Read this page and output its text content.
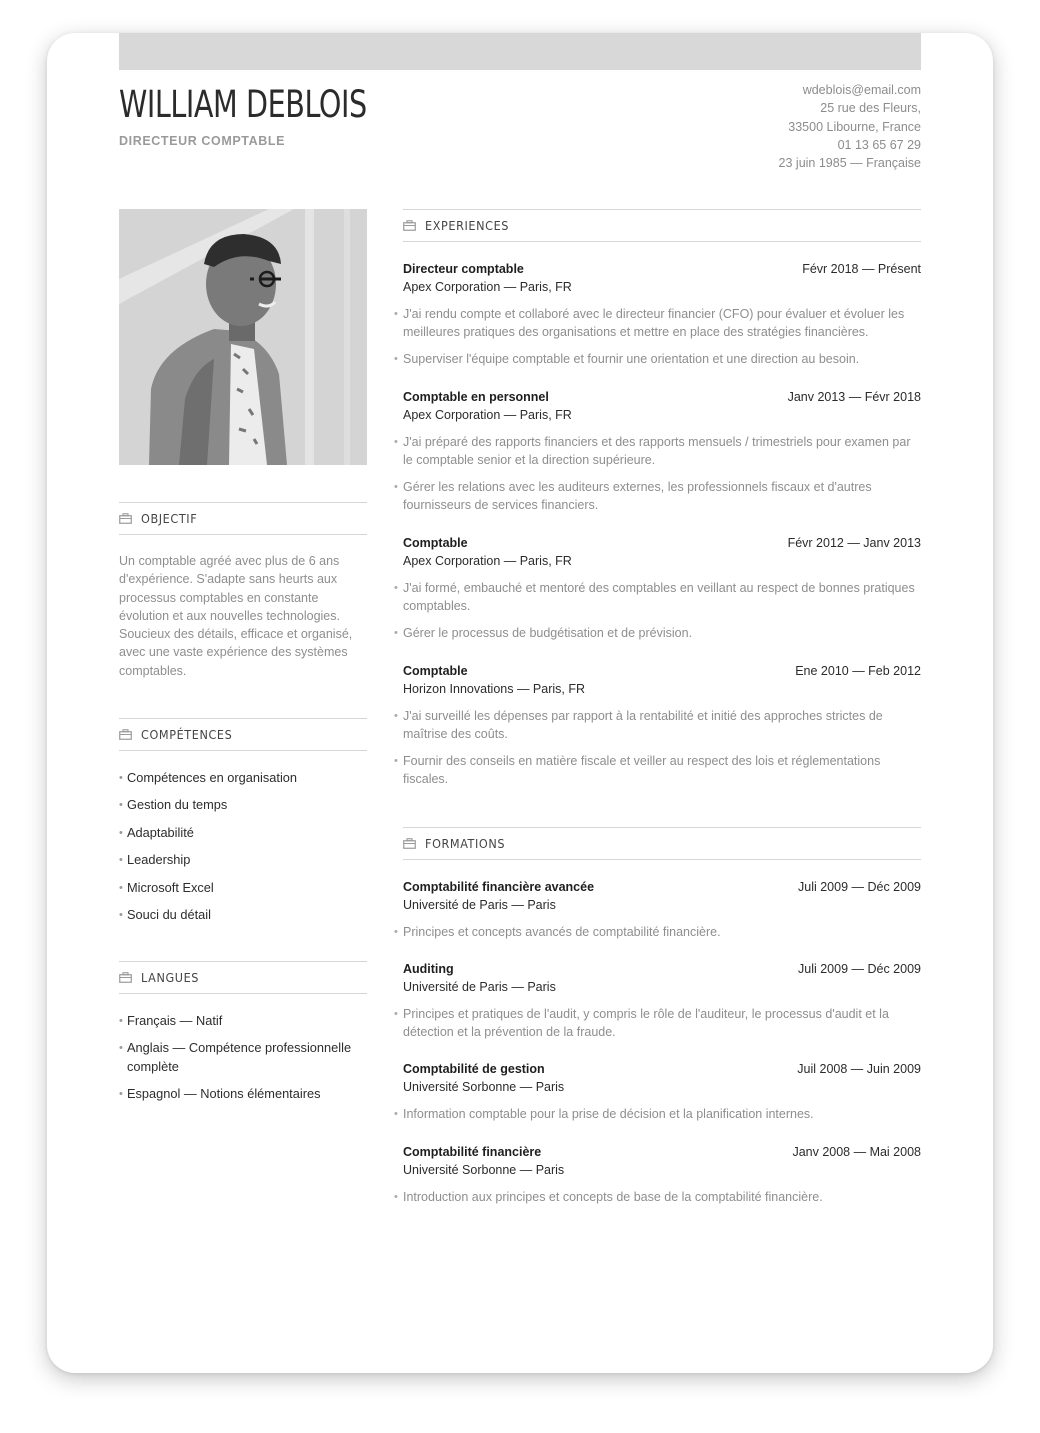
WILLIAM DEBLOIS
DIRECTEUR COMPTABLE
wdeblois@email.com
25 rue des Fleurs,
33500 Libourne, France
01 13 65 67 29
23 juin 1985 — Française
OBJECTIF
Un comptable agréé avec plus de 6 ans d'expérience. S'adapte sans heurts aux processus comptables en constante évolution et aux nouvelles technologies. Soucieux des détails, efficace et organisé, avec une vaste expérience des systèmes comptables.
COMPÉTENCES
• Compétences en organisation
• Gestion du temps
• Adaptabilité
• Leadership
• Microsoft Excel
• Souci du détail
LANGUES
• Français — Natif
• Anglais — Compétence professionnelle complète
• Espagnol — Notions élémentaires
EXPERIENCES
Directeur comptable	Févr 2018 — Présent
Apex Corporation — Paris, FR
• J'ai rendu compte et collaboré avec le directeur financier (CFO) pour évaluer et évoluer les meilleures pratiques des organisations et mettre en place des stratégies financières.
• Superviser l'équipe comptable et fournir une orientation et une direction au besoin.
Comptable en personnel	Janv 2013 — Févr 2018
Apex Corporation — Paris, FR
• J'ai préparé des rapports financiers et des rapports mensuels / trimestriels pour examen par le comptable senior et la direction supérieure.
• Gérer les relations avec les auditeurs externes, les professionnels fiscaux et d'autres fournisseurs de services financiers.
Comptable	Févr 2012 — Janv 2013
Apex Corporation — Paris, FR
• J'ai formé, embauché et mentoré des comptables en veillant au respect de bonnes pratiques comptables.
• Gérer le processus de budgétisation et de prévision.
Comptable	Ene 2010 — Feb 2012
Horizon Innovations — Paris, FR
• J'ai surveillé les dépenses par rapport à la rentabilité et initié des approches strictes de maîtrise des coûts.
• Fournir des conseils en matière fiscale et veiller au respect des lois et réglementations fiscales.
FORMATIONS
Comptabilité financière avancée	Juli 2009 — Déc 2009
Université de Paris — Paris
• Principes et concepts avancés de comptabilité financière.
Auditing	Juli 2009 — Déc 2009
Université de Paris — Paris
• Principes et pratiques de l'audit, y compris le rôle de l'auditeur, le processus d'audit et la détection et la prévention de la fraude.
Comptabilité de gestion	Juil 2008 — Juin 2009
Université Sorbonne — Paris
• Information comptable pour la prise de décision et la planification internes.
Comptabilité financière	Janv 2008 — Mai 2008
Université Sorbonne — Paris
• Introduction aux principes et concepts de base de la comptabilité financière.
